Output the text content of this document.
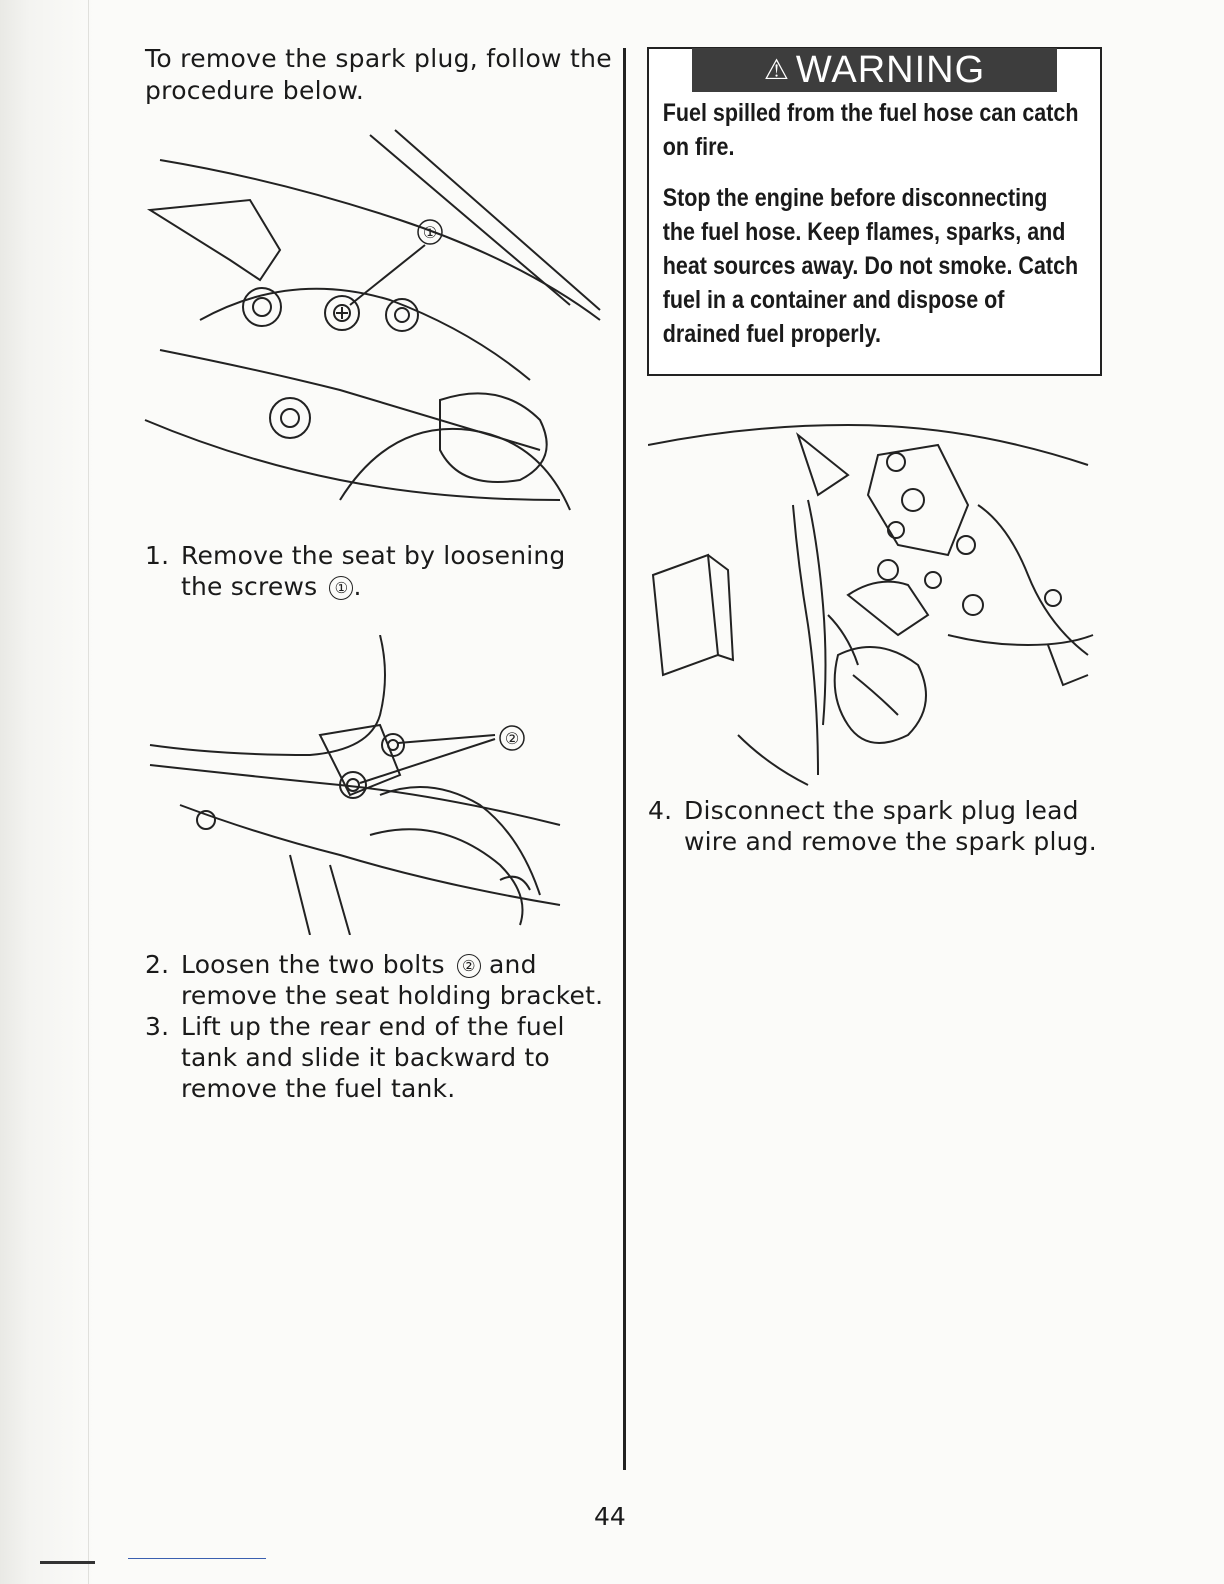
To remove the spark plug, follow the procedure below.

①
1. Remove the seat by loosening the screws ① .
②
2. Loosen the two bolts ② and remove the seat holding bracket.
3. Lift up the rear end of the fuel tank and slide it backward to remove the fuel tank.
⚠ WARNING

Fuel spilled from the fuel hose can catch on fire.

Stop the engine before disconnecting the fuel hose. Keep flames, sparks, and heat sources away. Do not smoke. Catch fuel in a container and dispose of drained fuel properly.

4. Disconnect the spark plug lead wire and remove the spark plug.
44
